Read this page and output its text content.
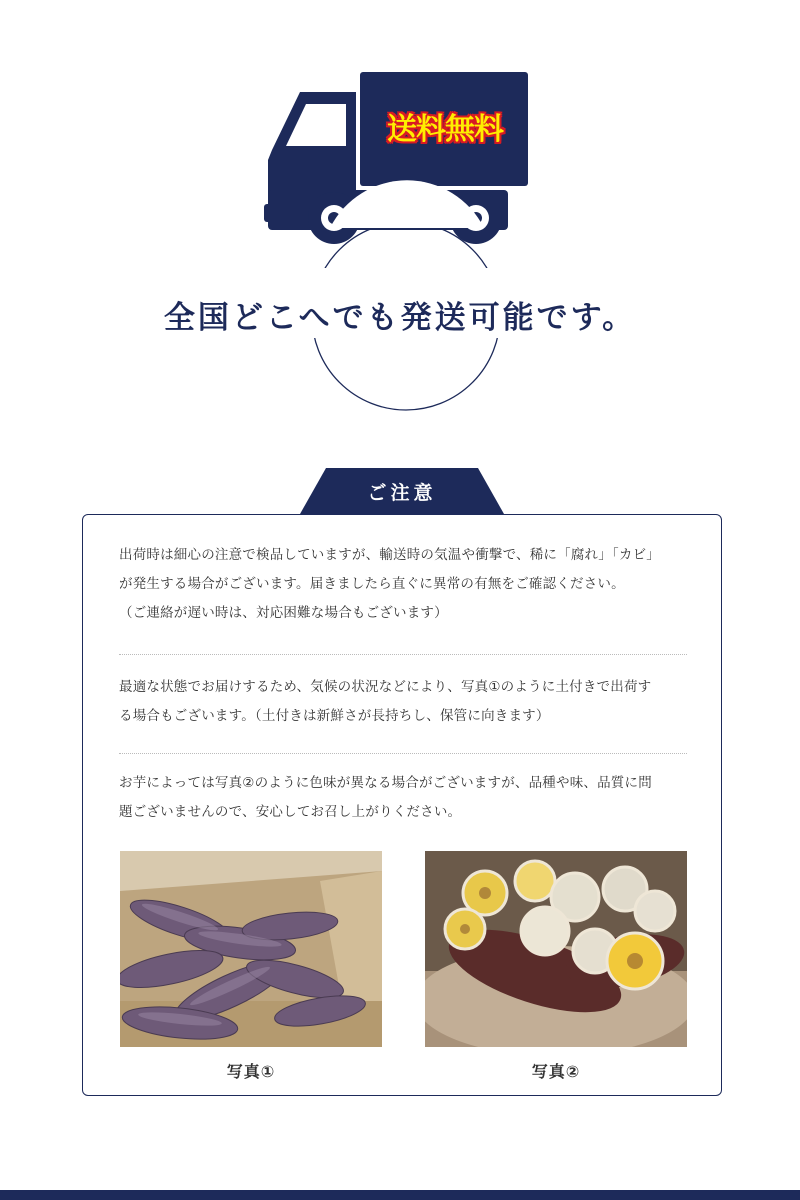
送料無料
全国どこへでも発送可能です。
ご注意
出荷時は細心の注意で検品していますが、輸送時の気温や衝撃で、稀に「腐れ」「カビ」
が発生する場合がございます。届きましたら直ぐに異常の有無をご確認ください。
（ご連絡が遅い時は、対応困難な場合もございます）
最適な状態でお届けするため、気候の状況などにより、写真①のように土付きで出荷す
る場合もございます。（土付きは新鮮さが長持ちし、保管に向きます）
お芋によっては写真②のように色味が異なる場合がございますが、品種や味、品質に問
題ございませんので、安心してお召し上がりください。
写真①	写真②
